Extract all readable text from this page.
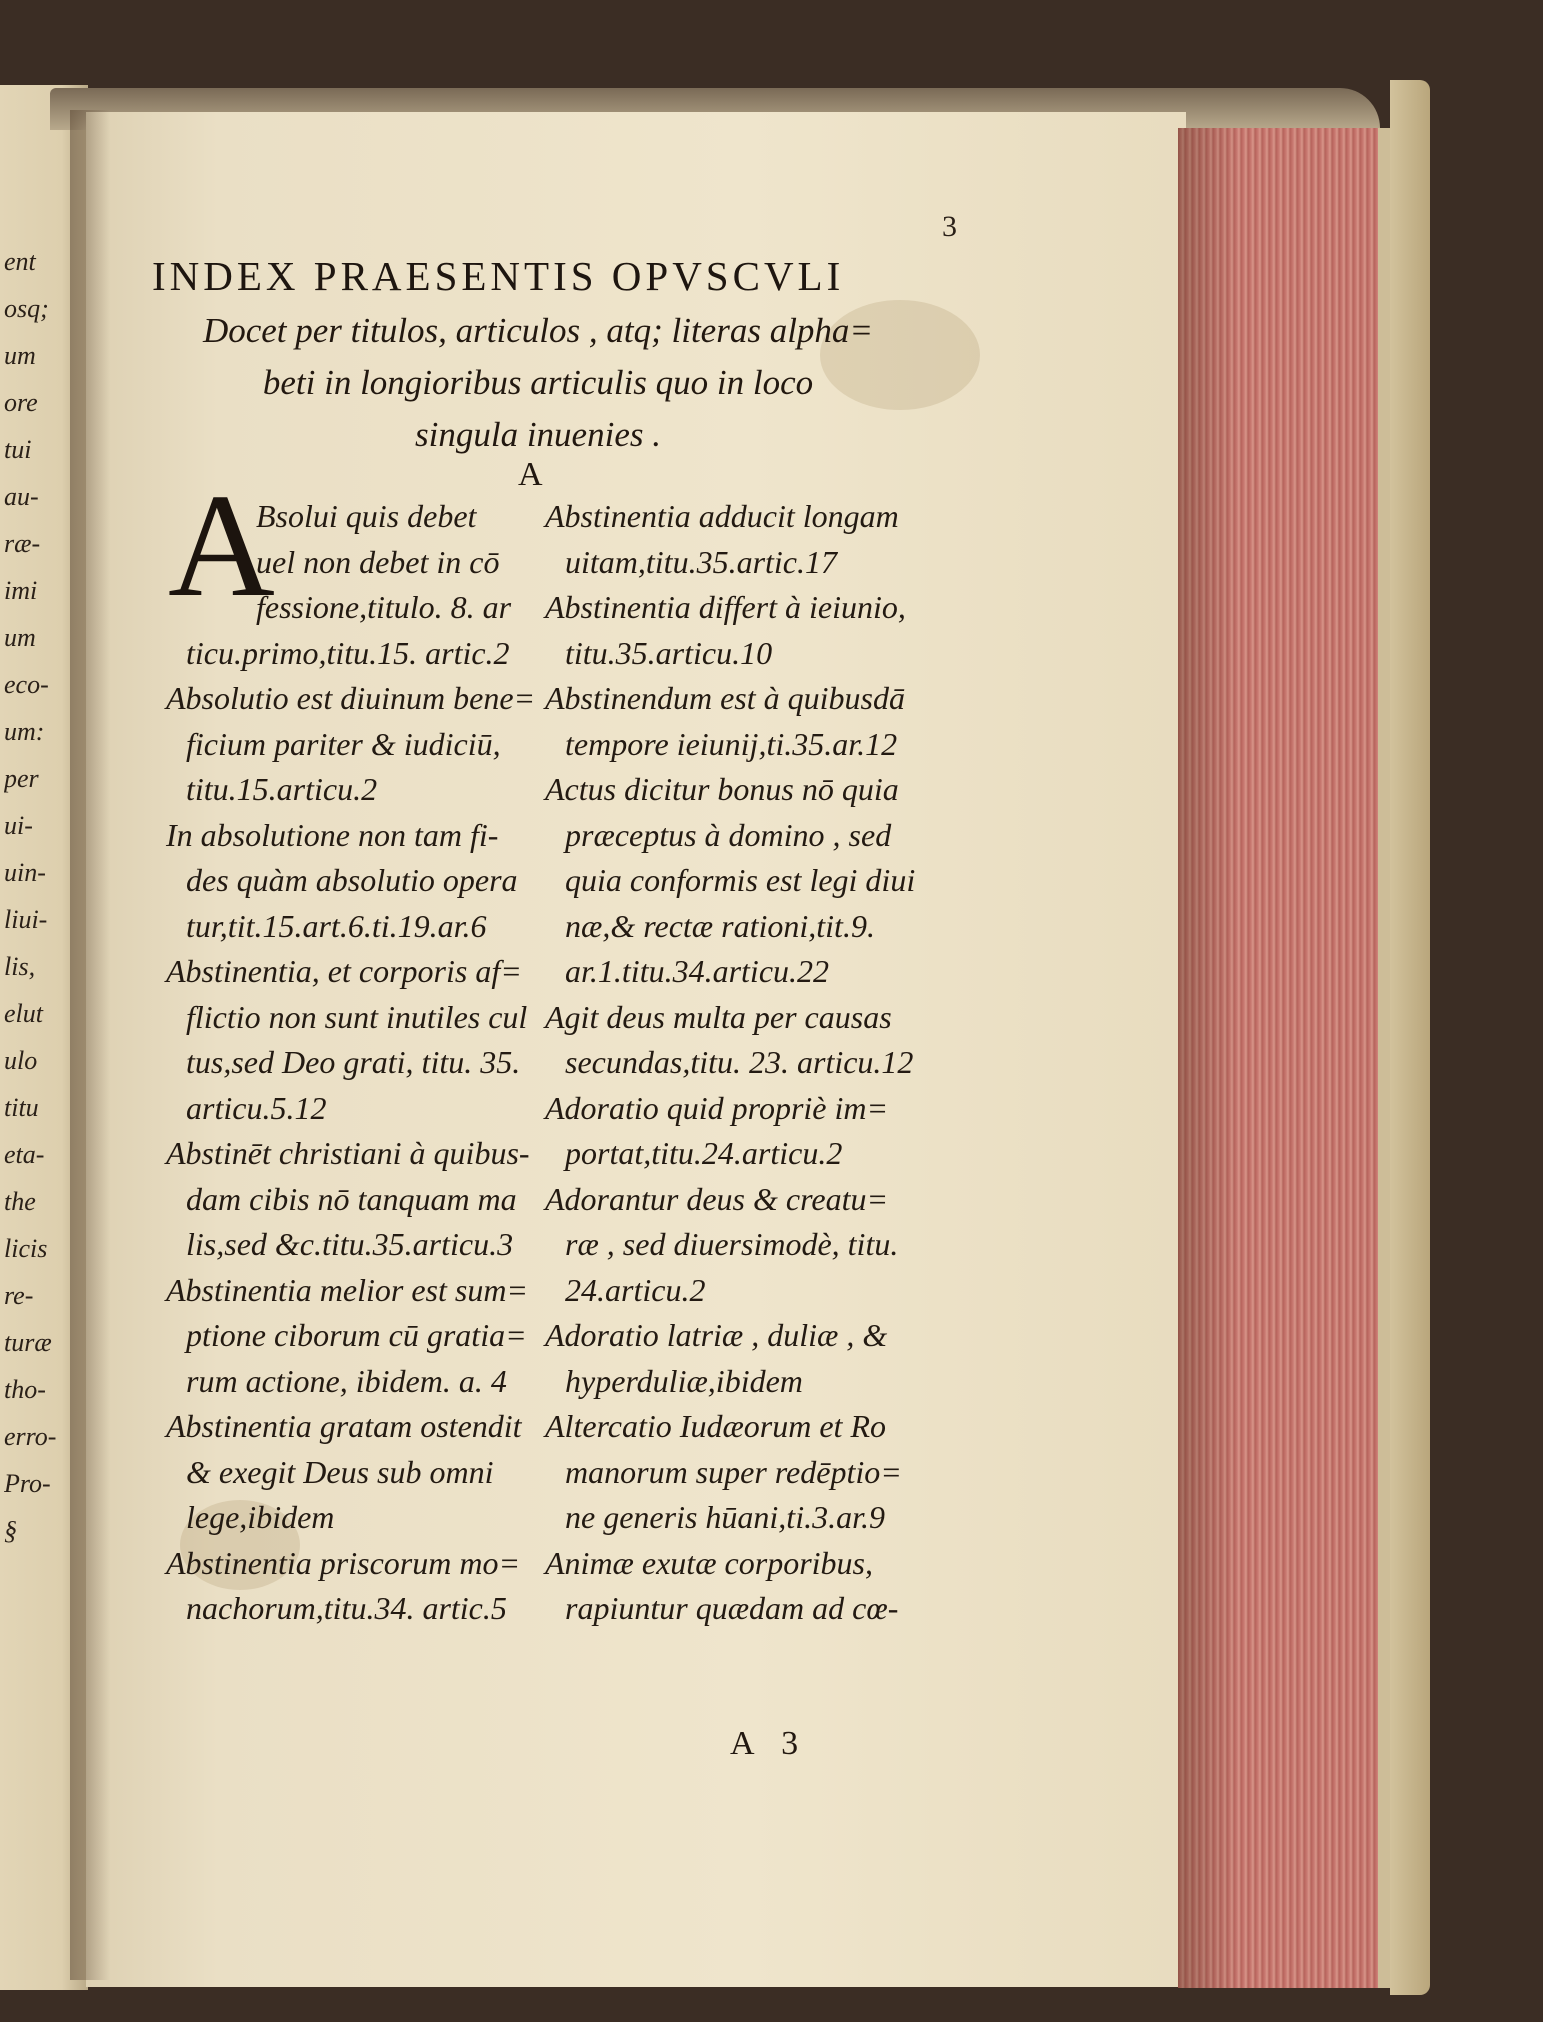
ent
osq;
um
ore
tui
au-
ræ-
imi
um
eco-
um:
per
ui-
uin-
liui-
lis,
elut
ulo
titu
eta-
the
licis
re-
turæ
tho-
erro-
Pro-
§
3
INDEX PRAESENTIS OPVSCVLI
Docet per titulos, articulos , atq; literas alpha=
beti in longioribus articulis quo in loco
singula inuenies .
A
A
Bsolui quis debet
uel non debet in cō
fessione,titulo. 8. ar
ticu.primo,titu.15. artic.2
Absolutio est diuinum bene=
ficium pariter & iudiciū,
titu.15.articu.2
In absolutione non tam fi-
des quàm absolutio opera
tur,tit.15.art.6.ti.19.ar.6
Abstinentia, et corporis af=
flictio non sunt inutiles cul
tus,sed Deo grati, titu. 35.
articu.5.12
Abstinēt christiani à quibus-
dam cibis nō tanquam ma
lis,sed &c.titu.35.articu.3
Abstinentia melior est sum=
ptione ciborum cū gratia=
rum actione, ibidem. a. 4
Abstinentia gratam ostendit
& exegit Deus sub omni
lege,ibidem
Abstinentia priscorum mo=
nachorum,titu.34. artic.5
Abstinentia adducit longam
uitam,titu.35.artic.17
Abstinentia differt à ieiunio,
titu.35.articu.10
Abstinendum est à quibusdā
tempore ieiunij,ti.35.ar.12
Actus dicitur bonus nō quia
præceptus à domino , sed
quia conformis est legi diui
næ,& rectæ rationi,tit.9.
ar.1.titu.34.articu.22
Agit deus multa per causas
secundas,titu. 23. articu.12
Adoratio quid propriè im=
portat,titu.24.articu.2
Adorantur deus & creatu=
ræ , sed diuersimodè, titu.
24.articu.2
Adoratio latriæ , duliæ , &
hyperduliæ,ibidem
Altercatio Iudæorum et Ro
manorum super redēptio=
ne generis hūani,ti.3.ar.9
Animæ exutæ corporibus,
rapiuntur quædam ad cœ-
A 3
